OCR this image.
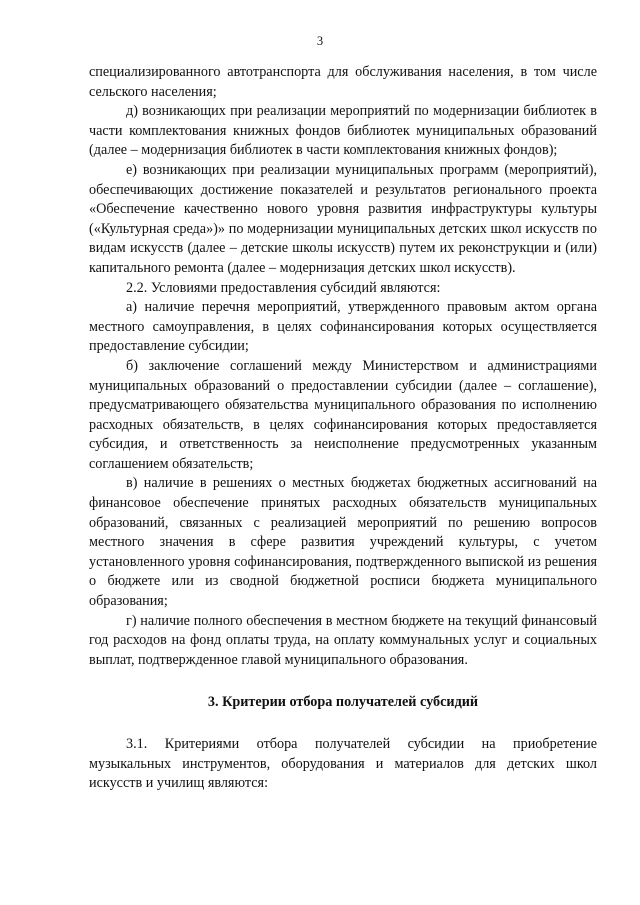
3

специализированного автотранспорта для обслуживания населения, в том числе сельского населения;

д) возникающих при реализации мероприятий по модернизации библиотек в части комплектования книжных фондов библиотек муниципальных образований (далее – модернизация библиотек в части комплектования книжных фондов);

е) возникающих при реализации муниципальных программ (мероприятий), обеспечивающих достижение показателей и результатов регионального проекта «Обеспечение качественно нового уровня развития инфраструктуры культуры («Культурная среда»)» по модернизации муниципальных детских школ искусств по видам искусств (далее – детские школы искусств) путем их реконструкции и (или) капитального ремонта (далее – модернизация детских школ искусств).

2.2. Условиями предоставления субсидий являются:

а) наличие перечня мероприятий, утвержденного правовым актом органа местного самоуправления, в целях софинансирования которых осуществляется предоставление субсидии;

б) заключение соглашений между Министерством и администрациями муниципальных образований о предоставлении субсидии (далее – соглашение), предусматривающего обязательства муниципального образования по исполнению расходных обязательств, в целях софинансирования которых предоставляется субсидия, и ответственность за неисполнение предусмотренных указанным соглашением обязательств;

в) наличие в решениях о местных бюджетах бюджетных ассигнований на финансовое обеспечение принятых расходных обязательств муниципальных образований, связанных с реализацией мероприятий по решению вопросов местного значения в сфере развития учреждений культуры, с учетом установленного уровня софинансирования, подтвержденного выпиской из решения о бюджете или из сводной бюджетной росписи бюджета муниципального образования;

г) наличие полного обеспечения в местном бюджете на текущий финансовый год расходов на фонд оплаты труда, на оплату коммунальных услуг и социальных выплат, подтвержденное главой муниципального образования.

3. Критерии отбора получателей субсидий

3.1. Критериями отбора получателей субсидии на приобретение музыкальных инструментов, оборудования и материалов для детских школ искусств и училищ являются:
